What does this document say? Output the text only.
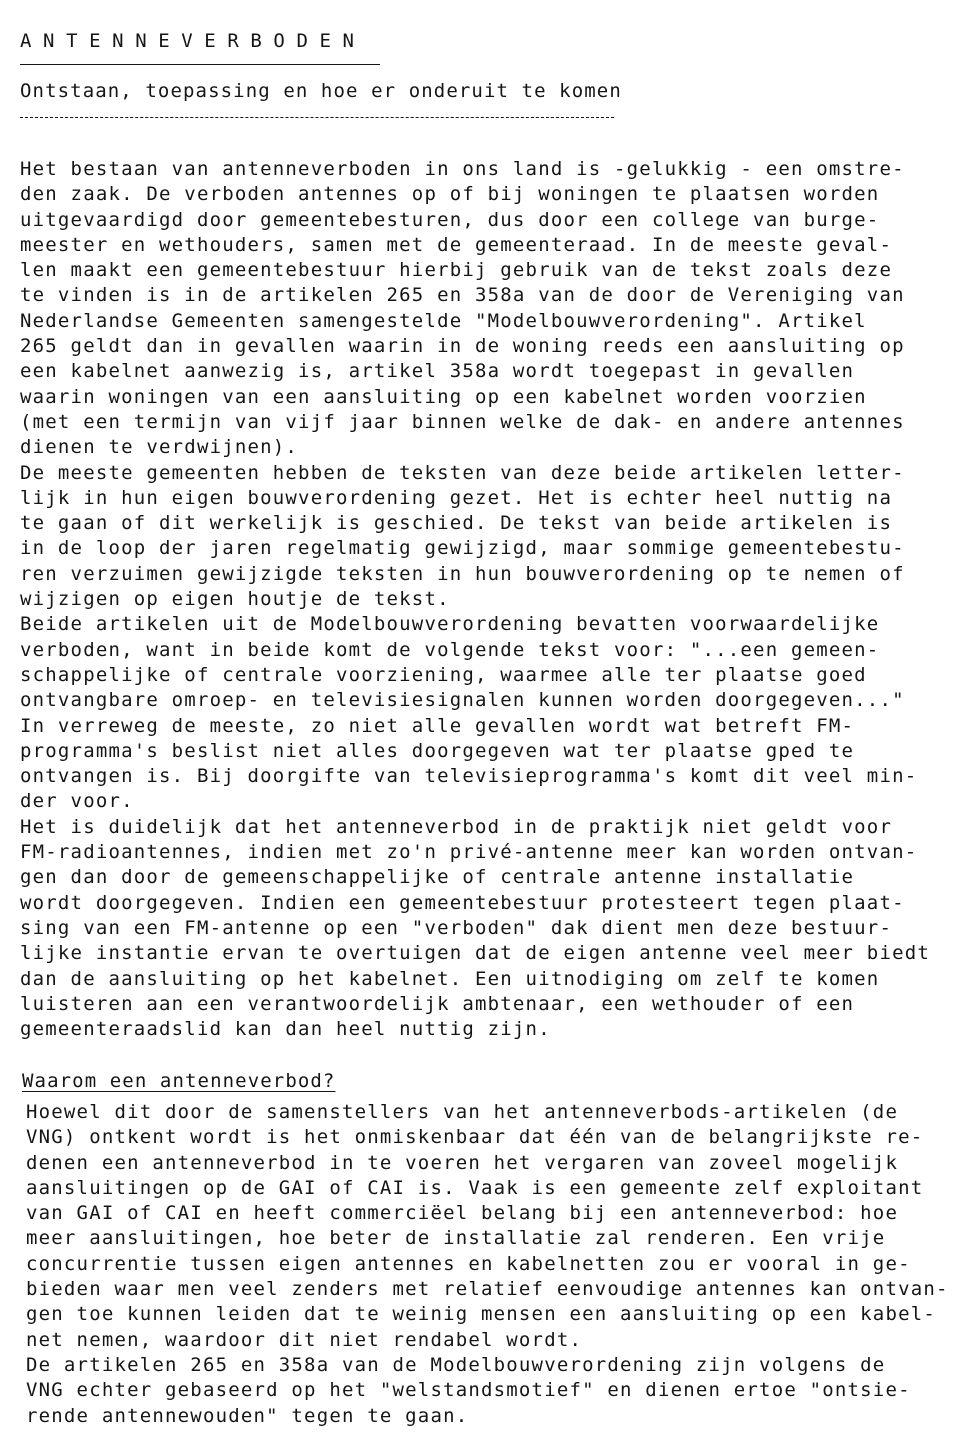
ANTENNEVERBODEN
Ontstaan, toepassing en hoe er onderuit te komen
Het bestaan van antenneverboden in ons land is -gelukkig - een omstre-
den zaak. De verboden antennes op of bij woningen te plaatsen worden
uitgevaardigd door gemeentebesturen, dus door een college van burge-
meester en wethouders, samen met de gemeenteraad. In de meeste geval-
len maakt een gemeentebestuur hierbij gebruik van de tekst zoals deze
te vinden is in de artikelen 265 en 358a van de door de Vereniging van
Nederlandse Gemeenten samengestelde "Modelbouwverordening". Artikel
265 geldt dan in gevallen waarin in de woning reeds een aansluiting op
een kabelnet aanwezig is, artikel 358a wordt toegepast in gevallen
waarin woningen van een aansluiting op een kabelnet worden voorzien
(met een termijn van vijf jaar binnen welke de dak- en andere antennes
dienen te verdwijnen).
De meeste gemeenten hebben de teksten van deze beide artikelen letter-
lijk in hun eigen bouwverordening gezet. Het is echter heel nuttig na
te gaan of dit werkelijk is geschied. De tekst van beide artikelen is
in de loop der jaren regelmatig gewijzigd, maar sommige gemeentebestu-
ren verzuimen gewijzigde teksten in hun bouwverordening op te nemen of
wijzigen op eigen houtje de tekst.
Beide artikelen uit de Modelbouwverordening bevatten voorwaardelijke
verboden, want in beide komt de volgende tekst voor: "...een gemeen-
schappelijke of centrale voorziening, waarmee alle ter plaatse goed
ontvangbare omroep- en televisiesignalen kunnen worden doorgegeven..."
In verreweg de meeste, zo niet alle gevallen wordt wat betreft FM-
programma's beslist niet alles doorgegeven wat ter plaatse gped te
ontvangen is. Bij doorgifte van televisieprogramma's komt dit veel min-
der voor.
Het is duidelijk dat het antenneverbod in de praktijk niet geldt voor
FM-radioantennes, indien met zo'n privé-antenne meer kan worden ontvan-
gen dan door de gemeenschappelijke of centrale antenne installatie
wordt doorgegeven. Indien een gemeentebestuur protesteert tegen plaat-
sing van een FM-antenne op een "verboden" dak dient men deze bestuur-
lijke instantie ervan te overtuigen dat de eigen antenne veel meer biedt
dan de aansluiting op het kabelnet. Een uitnodiging om zelf te komen
luisteren aan een verantwoordelijk ambtenaar, een wethouder of een
gemeenteraadslid kan dan heel nuttig zijn.
Waarom een antenneverbod?
Hoewel dit door de samenstellers van het antenneverbods-artikelen (de
VNG) ontkent wordt is het onmiskenbaar dat één van de belangrijkste re-
denen een antenneverbod in te voeren het vergaren van zoveel mogelijk
aansluitingen op de GAI of CAI is. Vaak is een gemeente zelf exploitant
van GAI of CAI en heeft commerciëel belang bij een antenneverbod: hoe
meer aansluitingen, hoe beter de installatie zal renderen. Een vrije
concurrentie tussen eigen antennes en kabelnetten zou er vooral in ge-
bieden waar men veel zenders met relatief eenvoudige antennes kan ontvan-
gen toe kunnen leiden dat te weinig mensen een aansluiting op een kabel-
net nemen, waardoor dit niet rendabel wordt.
De artikelen 265 en 358a van de Modelbouwverordening zijn volgens de
VNG echter gebaseerd op het "welstandsmotief" en dienen ertoe "ontsie-
rende antennewouden" tegen te gaan.
